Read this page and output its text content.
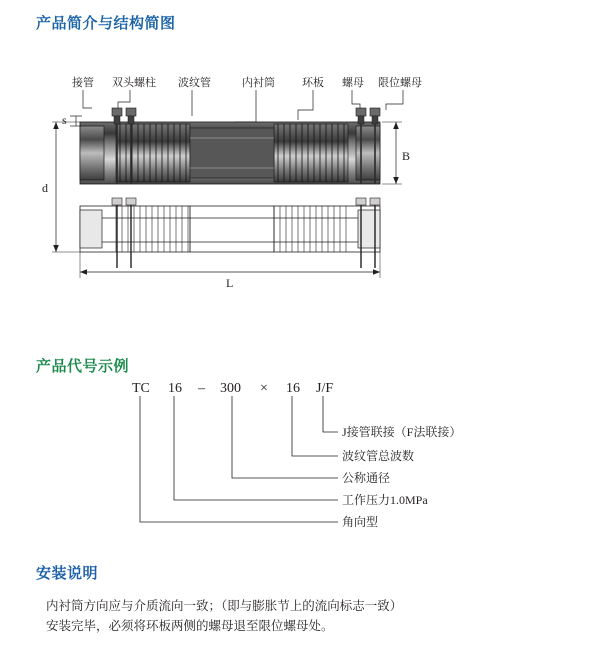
产品简介与结构简图
产品代号示例
安装说明
接管 双头螺柱 波纹管	内衬筒 环板 螺母 限位螺母
s
d
B
L
TC 16 – 300 × 16 J/F
J接管联接（F法联接）
波纹管总波数
公称通径
工作压力1.0MPa
角向型
内衬筒方向应与介质流向一致；（即与膨胀节上的流向标志一致）
安装完毕，必须将环板两侧的螺母退至限位螺母处。
